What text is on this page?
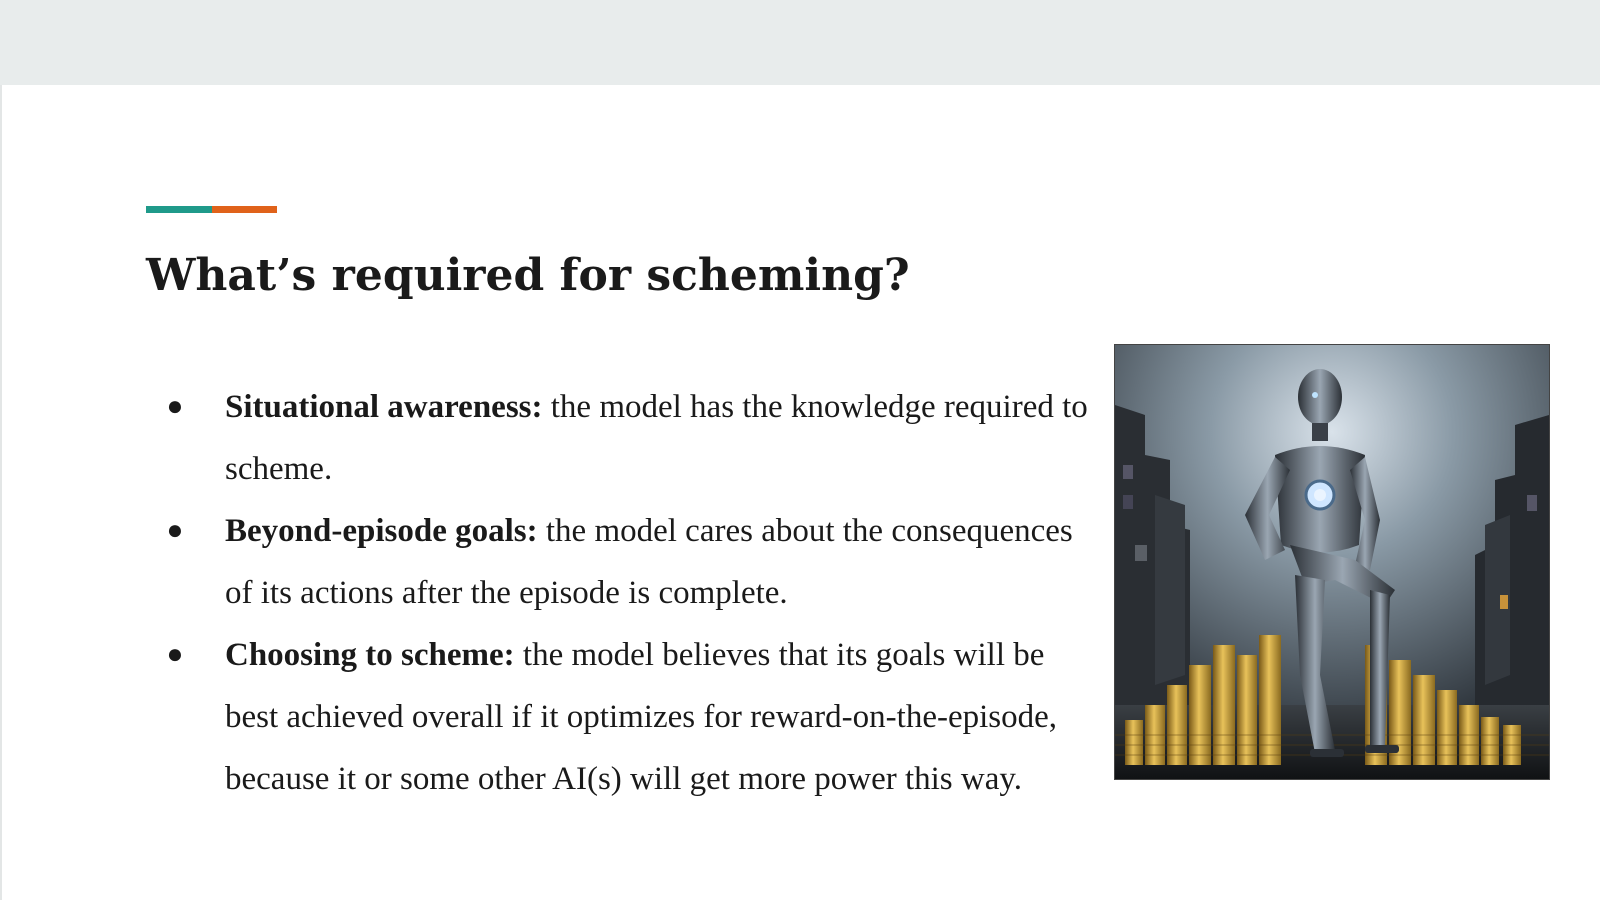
What’s required for scheming?
● Situational awareness: the model has the knowledge required to scheme.
● Beyond-episode goals: the model cares about the consequences of its actions after the episode is complete.
● Choosing to scheme: the model believes that its goals will be best achieved overall if it optimizes for reward-on-the-episode, because it or some other AI(s) will get more power this way.
